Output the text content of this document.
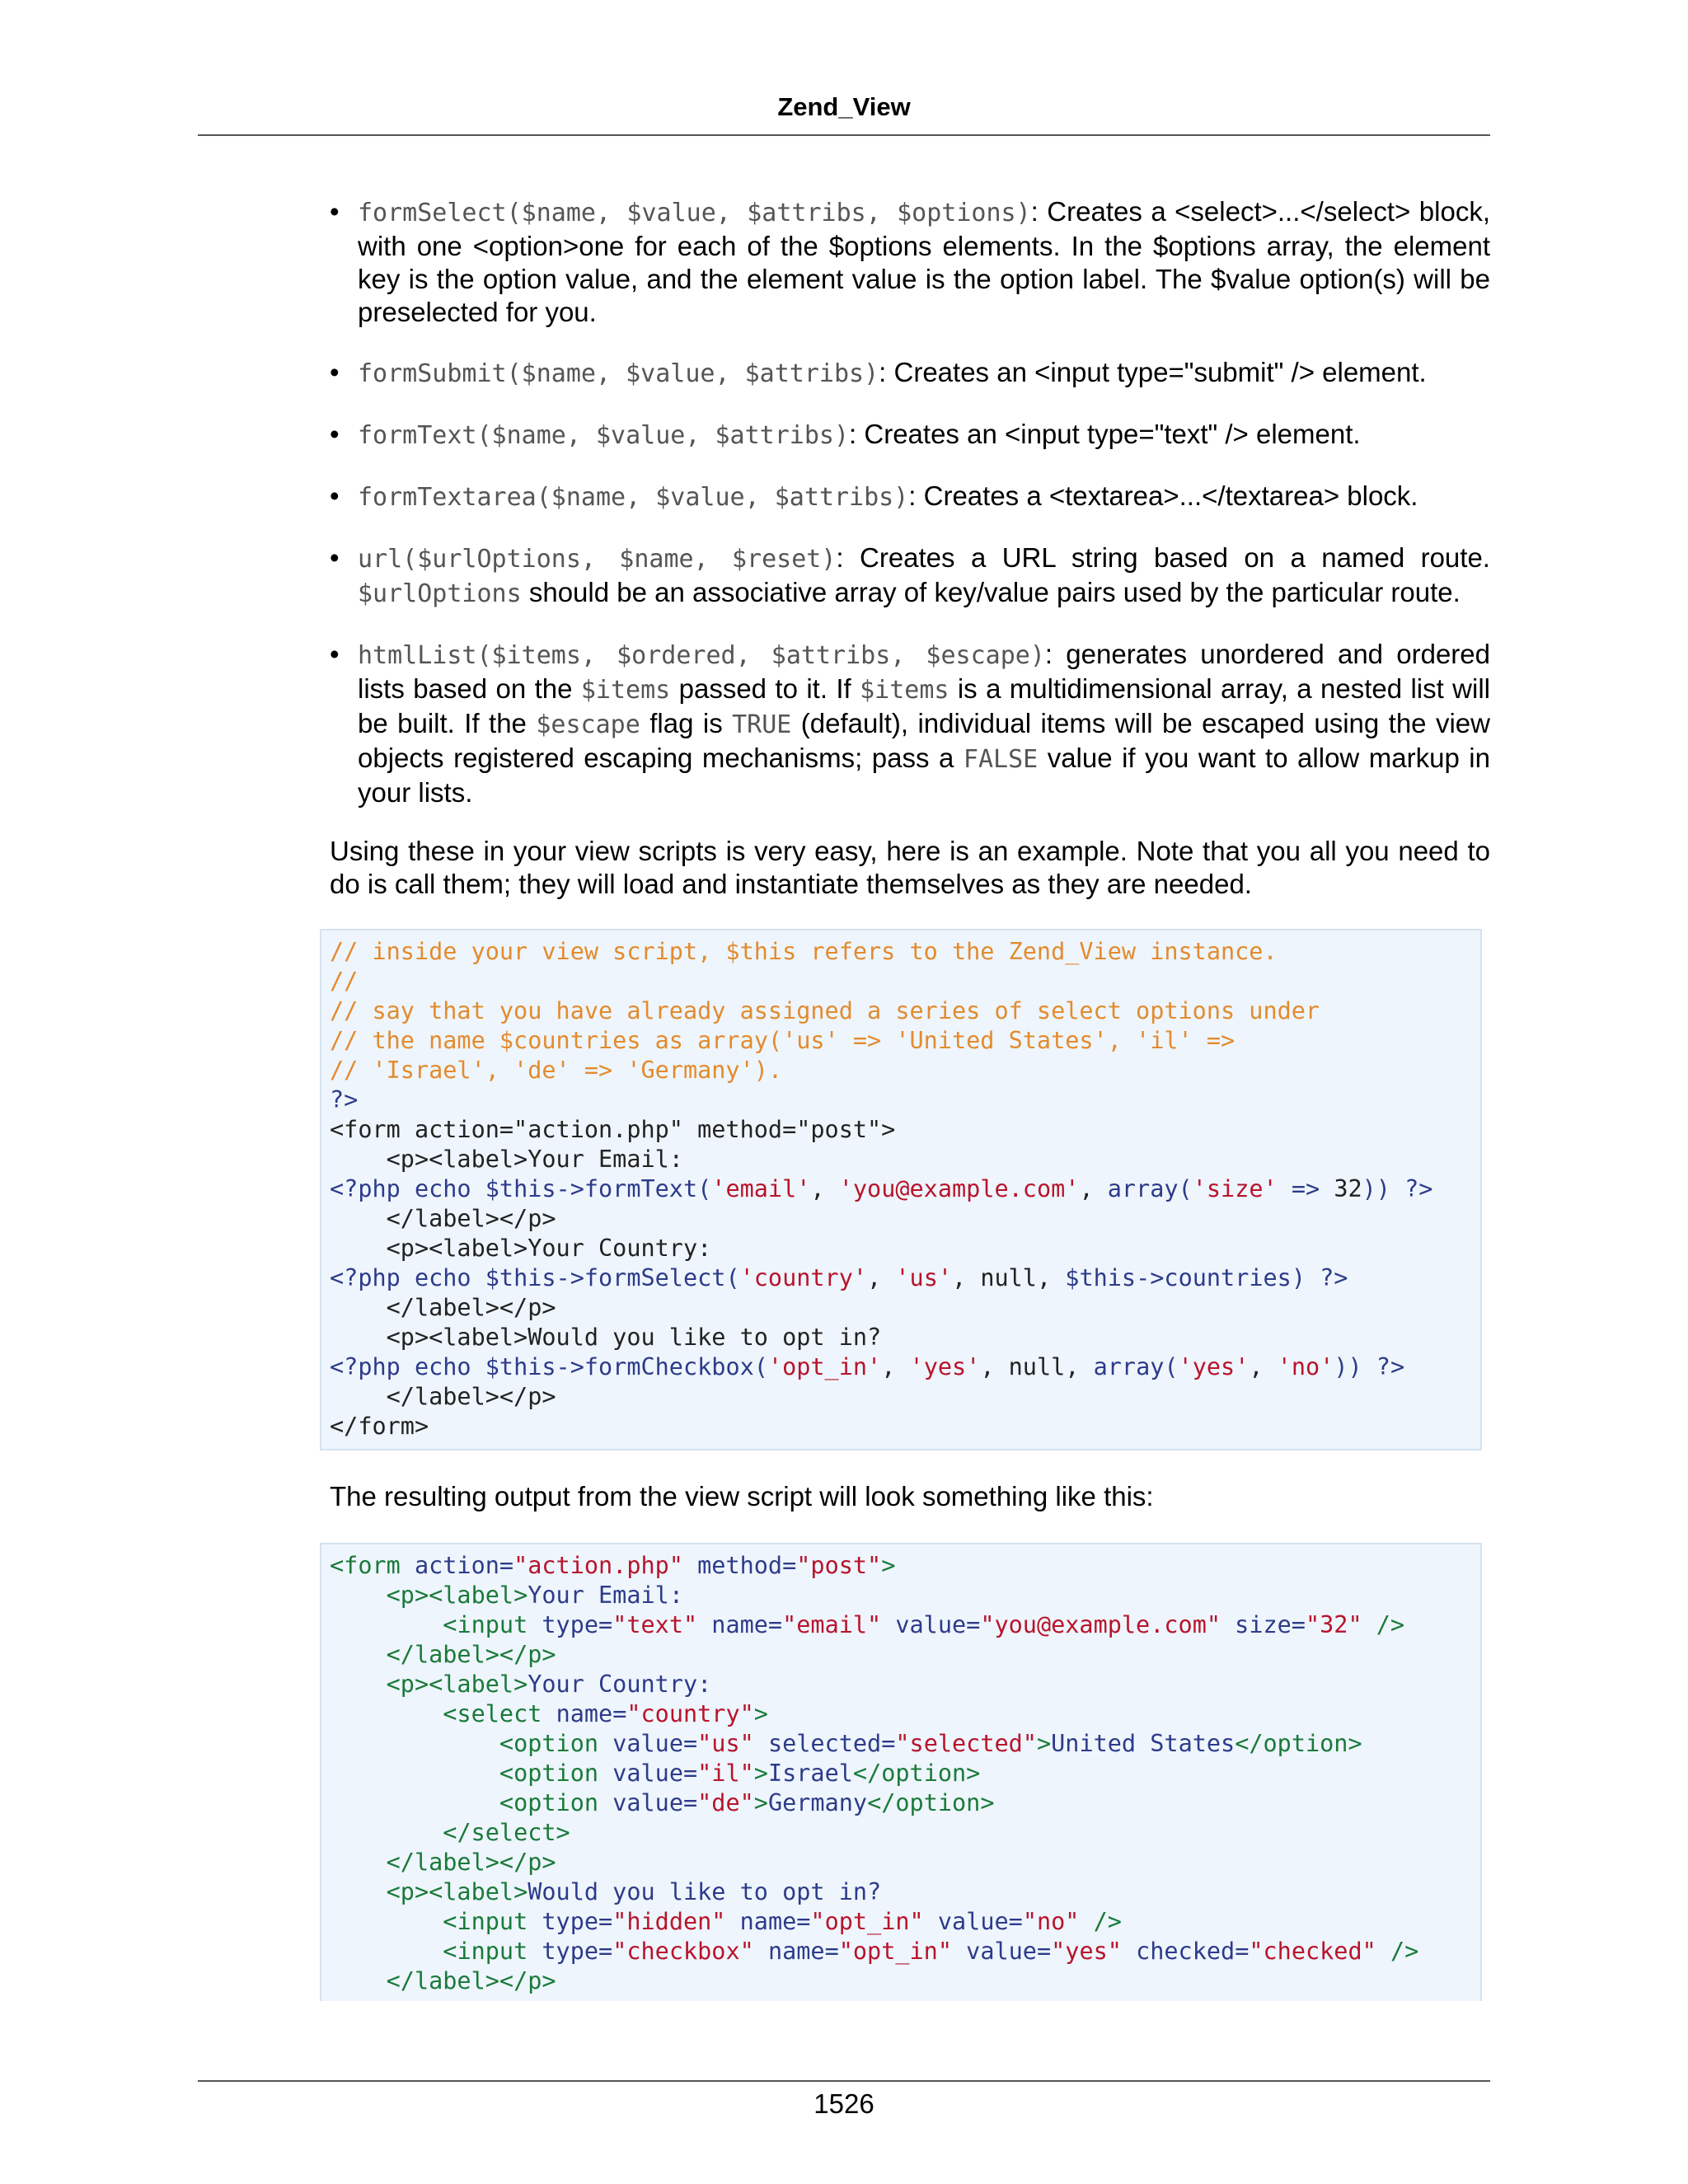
Zend_View
• formSelect($name, $value, $attribs, $options): Creates a <select>...</select> block, with one <option>one for each of the $options elements. In the $options array, the element key is the option value, and the element value is the option label. The $value option(s) will be preselected for you.
• formSubmit($name, $value, $attribs): Creates an <input type="submit" /> element.
• formText($name, $value, $attribs): Creates an <input type="text" /> element.
• formTextarea($name, $value, $attribs): Creates a <textarea>...</textarea> block.
• url($urlOptions, $name, $reset): Creates a URL string based on a named route. $urlOptions should be an associative array of key/value pairs used by the particular route.
• htmlList($items, $ordered, $attribs, $escape): generates unordered and ordered lists based on the $items passed to it. If $items is a multidimensional array, a nested list will be built. If the $escape flag is TRUE (default), individual items will be escaped using the view objects registered escaping mechanisms; pass a FALSE value if you want to allow markup in your lists.

Using these in your view scripts is very easy, here is an example. Note that you all you need to do is call them; they will load and instantiate themselves as they are needed.

// inside your view script, $this refers to the Zend_View instance.
//
// say that you have already assigned a series of select options under
// the name $countries as array('us' => 'United States', 'il' =>
// 'Israel', 'de' => 'Germany').
?>
<form action="action.php" method="post">
<p><label>Your Email:
<?php echo $this->formText('email', 'you@example.com', array('size' => 32)) ?>
</label></p>
<p><label>Your Country:
<?php echo $this->formSelect('country', 'us', null, $this->countries) ?>
</label></p>
<p><label>Would you like to opt in?
<?php echo $this->formCheckbox('opt_in', 'yes', null, array('yes', 'no')) ?>
</label></p>
</form>

The resulting output from the view script will look something like this:

<form action="action.php" method="post">
<p><label>Your Email:
<input type="text" name="email" value="you@example.com" size="32" />
</label></p>
<p><label>Your Country:
<select name="country">
<option value="us" selected="selected">United States</option>
<option value="il">Israel</option>
<option value="de">Germany</option>
</select>
</label></p>
<p><label>Would you like to opt in?
<input type="hidden" name="opt_in" value="no" />
<input type="checkbox" name="opt_in" value="yes" checked="checked" />
</label></p>
1526
